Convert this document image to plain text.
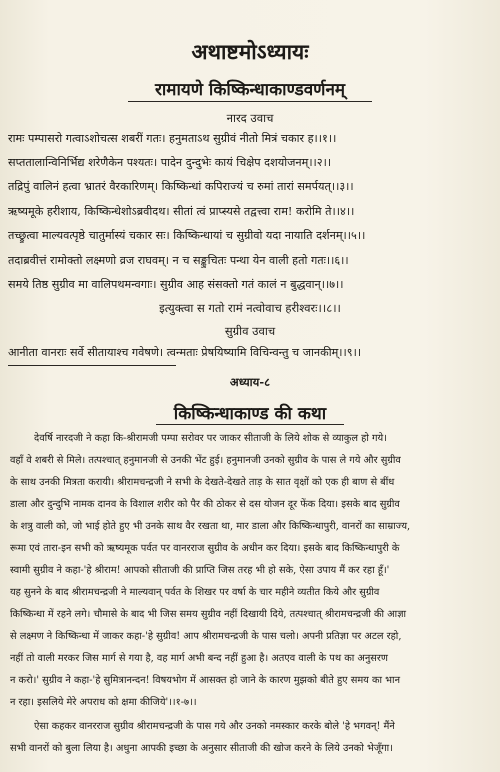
अथाष्टमोऽध्यायः
रामायणे किष्किन्धाकाण्डवर्णनम्
नारद उवाच
रामः पम्पासरो गत्वाऽशोचत्स शबरीं गतः। हनुमताऽथ सुग्रीवं नीतो मित्रं चकार ह।।१।।
सप्ततालान्विनिर्भिद्य शरेणैकेन पश्यतः। पादेन दुन्दुभेः कायं चिक्षेप दशयोजनम्।।२।।
तद्रिपुं वालिनं हत्वा भ्रातरं वैरकारिणम्। किष्किन्धां कपिराज्यं च रुमां तारां समर्पयत्।।३।।
ऋष्यमूके हरीशाय, किष्किन्धेशोऽब्रवीदथ। सीतां त्वं प्राप्स्यसे तद्वत्त्वा राम! करोमि ते।।४।।
तच्छ्रुत्वा माल्यवत्पृष्ठे चातुर्मास्यं चकार सः। किष्किन्धायां च सुग्रीवो यदा नायाति दर्शनम्।।५।।
तदाब्रवीत्तं रामोक्तो लक्ष्मणो व्रज राघवम्। न च सङ्कुचितः पन्था येन वाली हतो गतः।।६।।
समये तिष्ठ सुग्रीव मा वालिपथमन्वगाः। सुग्रीव आह संसक्तो गतं कालं न बुद्धवान्।।७।।
इत्युक्त्वा स गतो रामं नत्वोवाच हरीश्वरः।।८।।
सुग्रीव उवाच
आनीता वानराः सर्वे सीतायाश्च गवेषणे। त्वन्मताः प्रेषयिष्यामि विचिन्वन्तु च जानकीम्।।९।।
अध्याय-८
किष्किन्धाकाण्ड की कथा
देवर्षि नारदजी ने कहा कि-श्रीरामजी पम्पा सरोवर पर जाकर सीताजी के लिये शोक से व्याकुल हो गये।
वहाँ वे शबरी से मिले। तत्पश्चात् हनुमानजी से उनकी भेंट हुई। हनुमानजी उनको सुग्रीव के पास ले गये और सुग्रीव
के साथ उनकी मित्रता करायी। श्रीरामचन्द्रजी ने सभी के देखते-देखते ताड़ के सात वृक्षों को एक ही बाण से बींध
डाला और दुन्दुभि नामक दानव के विशाल शरीर को पैर की ठोकर से दस योजन दूर फेंक दिया। इसके बाद सुग्रीव
के शत्रु वाली को, जो भाई होते हुए भी उनके साथ वैर रखता था, मार डाला और किष्किन्धापुरी, वानरों का साम्राज्य,
रूमा एवं तारा-इन सभी को ऋष्यमूक पर्वत पर वानरराज सुग्रीव के अधीन कर दिया। इसके बाद किष्किन्धापुरी के
स्वामी सुग्रीव ने कहा-'हे श्रीराम! आपको सीताजी की प्राप्ति जिस तरह भी हो सके, ऐसा उपाय मैं कर रहा हूँ।'
यह सुनने के बाद श्रीरामचन्द्रजी ने माल्यवान् पर्वत के शिखर पर वर्षा के चार महीने व्यतीत किये और सुग्रीव
किष्किन्धा में रहने लगे। चौमासे के बाद भी जिस समय सुग्रीव नहीं दिखायी दिये, तत्पश्चात् श्रीरामचन्द्रजी की आज्ञा
से लक्ष्मण ने किष्किन्धा में जाकर कहा-'हे सुग्रीव! आप श्रीरामचन्द्रजी के पास चलो। अपनी प्रतिज्ञा पर अटल रहो,
नहीं तो वाली मरकर जिस मार्ग से गया है, वह मार्ग अभी बन्द नहीं हुआ है। अतएव वाली के पथ का अनुसरण
न करो।' सुग्रीव ने कहा-'हे सुमित्रानन्दन! विषयभोग में आसक्त हो जाने के कारण मुझको बीते हुए समय का भान
न रहा। इसलिये मेरे अपराध को क्षमा कीजिये'।।१-७।।
ऐसा कहकर वानरराज सुग्रीव श्रीरामचन्द्रजी के पास गये और उनको नमस्कार करके बोले 'हे भगवन्! मैंने
सभी वानरों को बुला लिया है। अधुना आपकी इच्छा के अनुसार सीताजी की खोज करने के लिये उनको भेजूँगा।
